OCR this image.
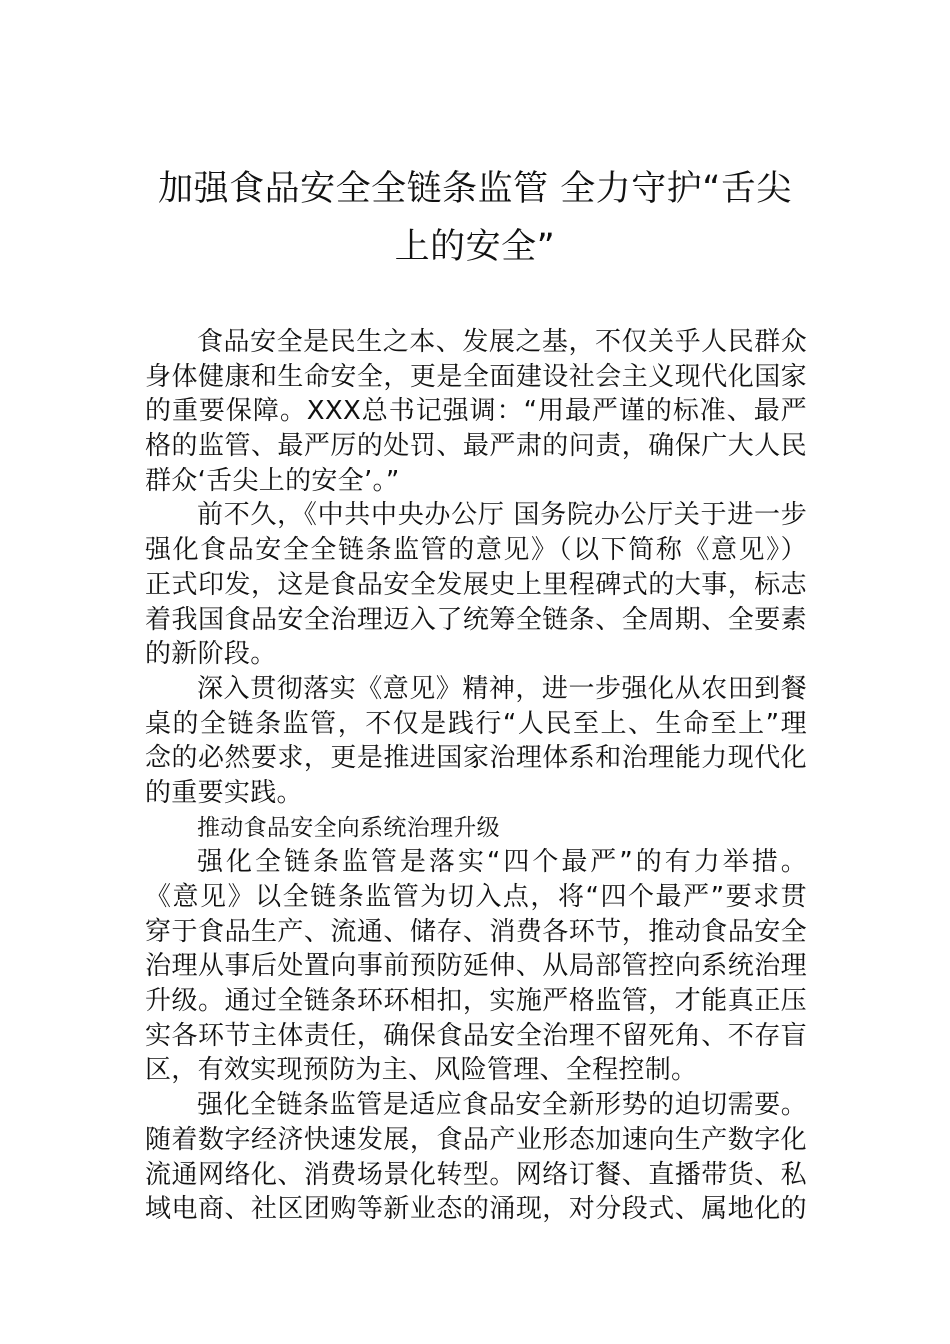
加强食品安全全链条监管 全力守护“舌尖
上的安全”
食品安全是民生之本、发展之基，不仅关乎人民群众
身体健康和生命安全，更是全面建设社会主义现代化国家
的重要保障。XXX总书记强调：“用最严谨的标准、最严
格的监管、最严厉的处罚、最严肃的问责，确保广大人民
群众‘舌尖上的安全’。”
前不久，《中共中央办公厅 国务院办公厅关于进一步
强化食品安全全链条监管的意见》（以下简称《意见》）
正式印发，这是食品安全发展史上里程碑式的大事，标志
着我国食品安全治理迈入了统筹全链条、全周期、全要素
的新阶段。
深入贯彻落实《意见》精神，进一步强化从农田到餐
桌的全链条监管，不仅是践行“人民至上、生命至上”理
念的必然要求，更是推进国家治理体系和治理能力现代化
的重要实践。
推动食品安全向系统治理升级
强化全链条监管是落实“四个最严”的有力举措。
《意见》以全链条监管为切入点，将“四个最严”要求贯
穿于食品生产、流通、储存、消费各环节，推动食品安全
治理从事后处置向事前预防延伸、从局部管控向系统治理
升级。通过全链条环环相扣，实施严格监管，才能真正压
实各环节主体责任，确保食品安全治理不留死角、不存盲
区，有效实现预防为主、风险管理、全程控制。
强化全链条监管是适应食品安全新形势的迫切需要。
随着数字经济快速发展，食品产业形态加速向生产数字化
流通网络化、消费场景化转型。网络订餐、直播带货、私
域电商、社区团购等新业态的涌现，对分段式、属地化的
